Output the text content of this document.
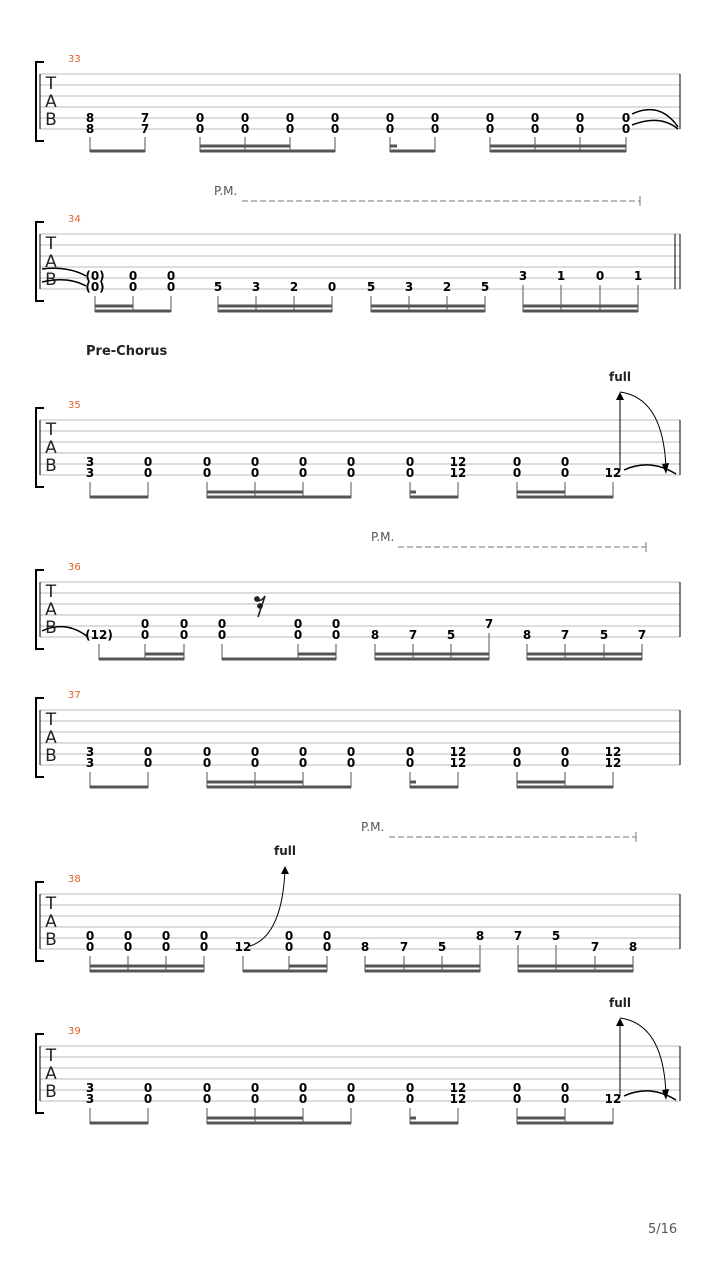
33
T
A
B 8
8
7
7
0
0
0
0
0
0
0
0
0
0
0
0
0
0
0
0
0
0
0
0
P.M.
34
T
A
B (0)
(0)
0
0
0
0	5 3 2 0	5 3 2 5
3 1	0 1
Pre-Chorus
35
T
A
B 3
3
0
0
0
0
0
0
0
0
0
0
0
0
12
12
0
0
0
0	12
full
P.M.
36
T
A
B (12)
0
0
0
0
0
0
0
0
0
0	8 7 5
7
8 7	5 7
37
T
A
B 3
3
0
0
0
0
0
0
0
0
0
0
0
0
12
12
0
0
0
0
12
12
P.M.
38
T
A
B
full
0
0
0
0
0
0
0
0 12
0
0
0
0 8	7 5
8 7 5
7 8
39
T
A
B 3
3
0
0
0
0
0
0
0
0
0
0
0
0
12
12
0
0
0
0	12
full
5/16
